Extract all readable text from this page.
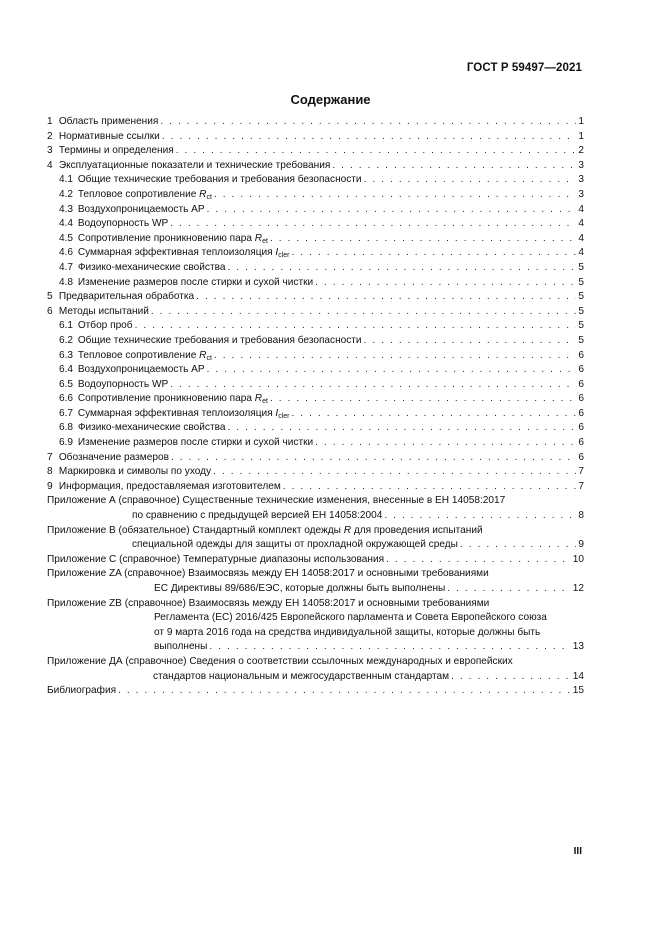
ГОСТ Р 59497—2021
Содержание
1 Область применения . . .	1
2 Нормативные ссылки . . .	1
3 Термины и определения . . .	2
4 Эксплуатационные показатели и технические требования . . .	3
4.1 Общие технические требования и требования безопасности . . .	3
4.2 Тепловое сопротивление $R_{ct}$ . . .	3
4.3 Воздухопроницаемость AP . . .	4
4.4 Водоупорность WP . . .	4
4.5 Сопротивление проникновению пара $R_{et}$ . . .	4
4.6 Суммарная эффективная теплоизоляция $I_{cler}$ . . .	4
4.7 Физико-механические свойства . . .	5
4.8 Изменение размеров после стирки и сухой чистки . . .	5
5 Предварительная обработка . . .	5
6 Методы испытаний . . .	5
6.1 Отбор проб . . .	5
6.2 Общие технические требования и требования безопасности . . .	5
6.3 Тепловое сопротивление $R_{ct}$ . . .	6
6.4 Воздухопроницаемость AP . . .	6
6.5 Водоупорность WP . . .	6
6.6 Сопротивление проникновению пара $R_{et}$ . . .	6
6.7 Суммарная эффективная теплоизоляция $I_{cler}$ . . .	6
6.8 Физико-механические свойства . . .	6
6.9 Изменение размеров после стирки и сухой чистки . . .	6
7 Обозначение размеров . . .	6
8 Маркировка и символы по уходу . . .	7
9 Информация, предоставляемая изготовителем . . .	7
Приложение А (справочное) Существенные технические изменения, внесенные в ЕН 14058:2017
по сравнению с предыдущей версией ЕН 14058:2004 . . .	8
Приложение В (обязательное) Стандартный комплект одежды R для проведения испытаний
специальной одежды для защиты от прохладной окружающей среды . . .	9
Приложение С (справочное) Температурные диапазоны использования . . .	10
Приложение ZA (справочное) Взаимосвязь между ЕН 14058:2017 и основными требованиями
ЕС Директивы 89/686/ЕЭС, которые должны быть выполнены . . .	12
Приложение ZB (справочное) Взаимосвязь между ЕН 14058:2017 и основными требованиями
Регламента (ЕС) 2016/425 Европейского парламента и Совета Европейского союза
от 9 марта 2016 года на средства индивидуальной защиты, которые должны быть
выполнены . . .	13
Приложение ДА (справочное) Сведения о соответствии ссылочных международных и европейских
стандартов национальным и межгосударственным стандартам . . .	14
Библиография . . .	15
III
